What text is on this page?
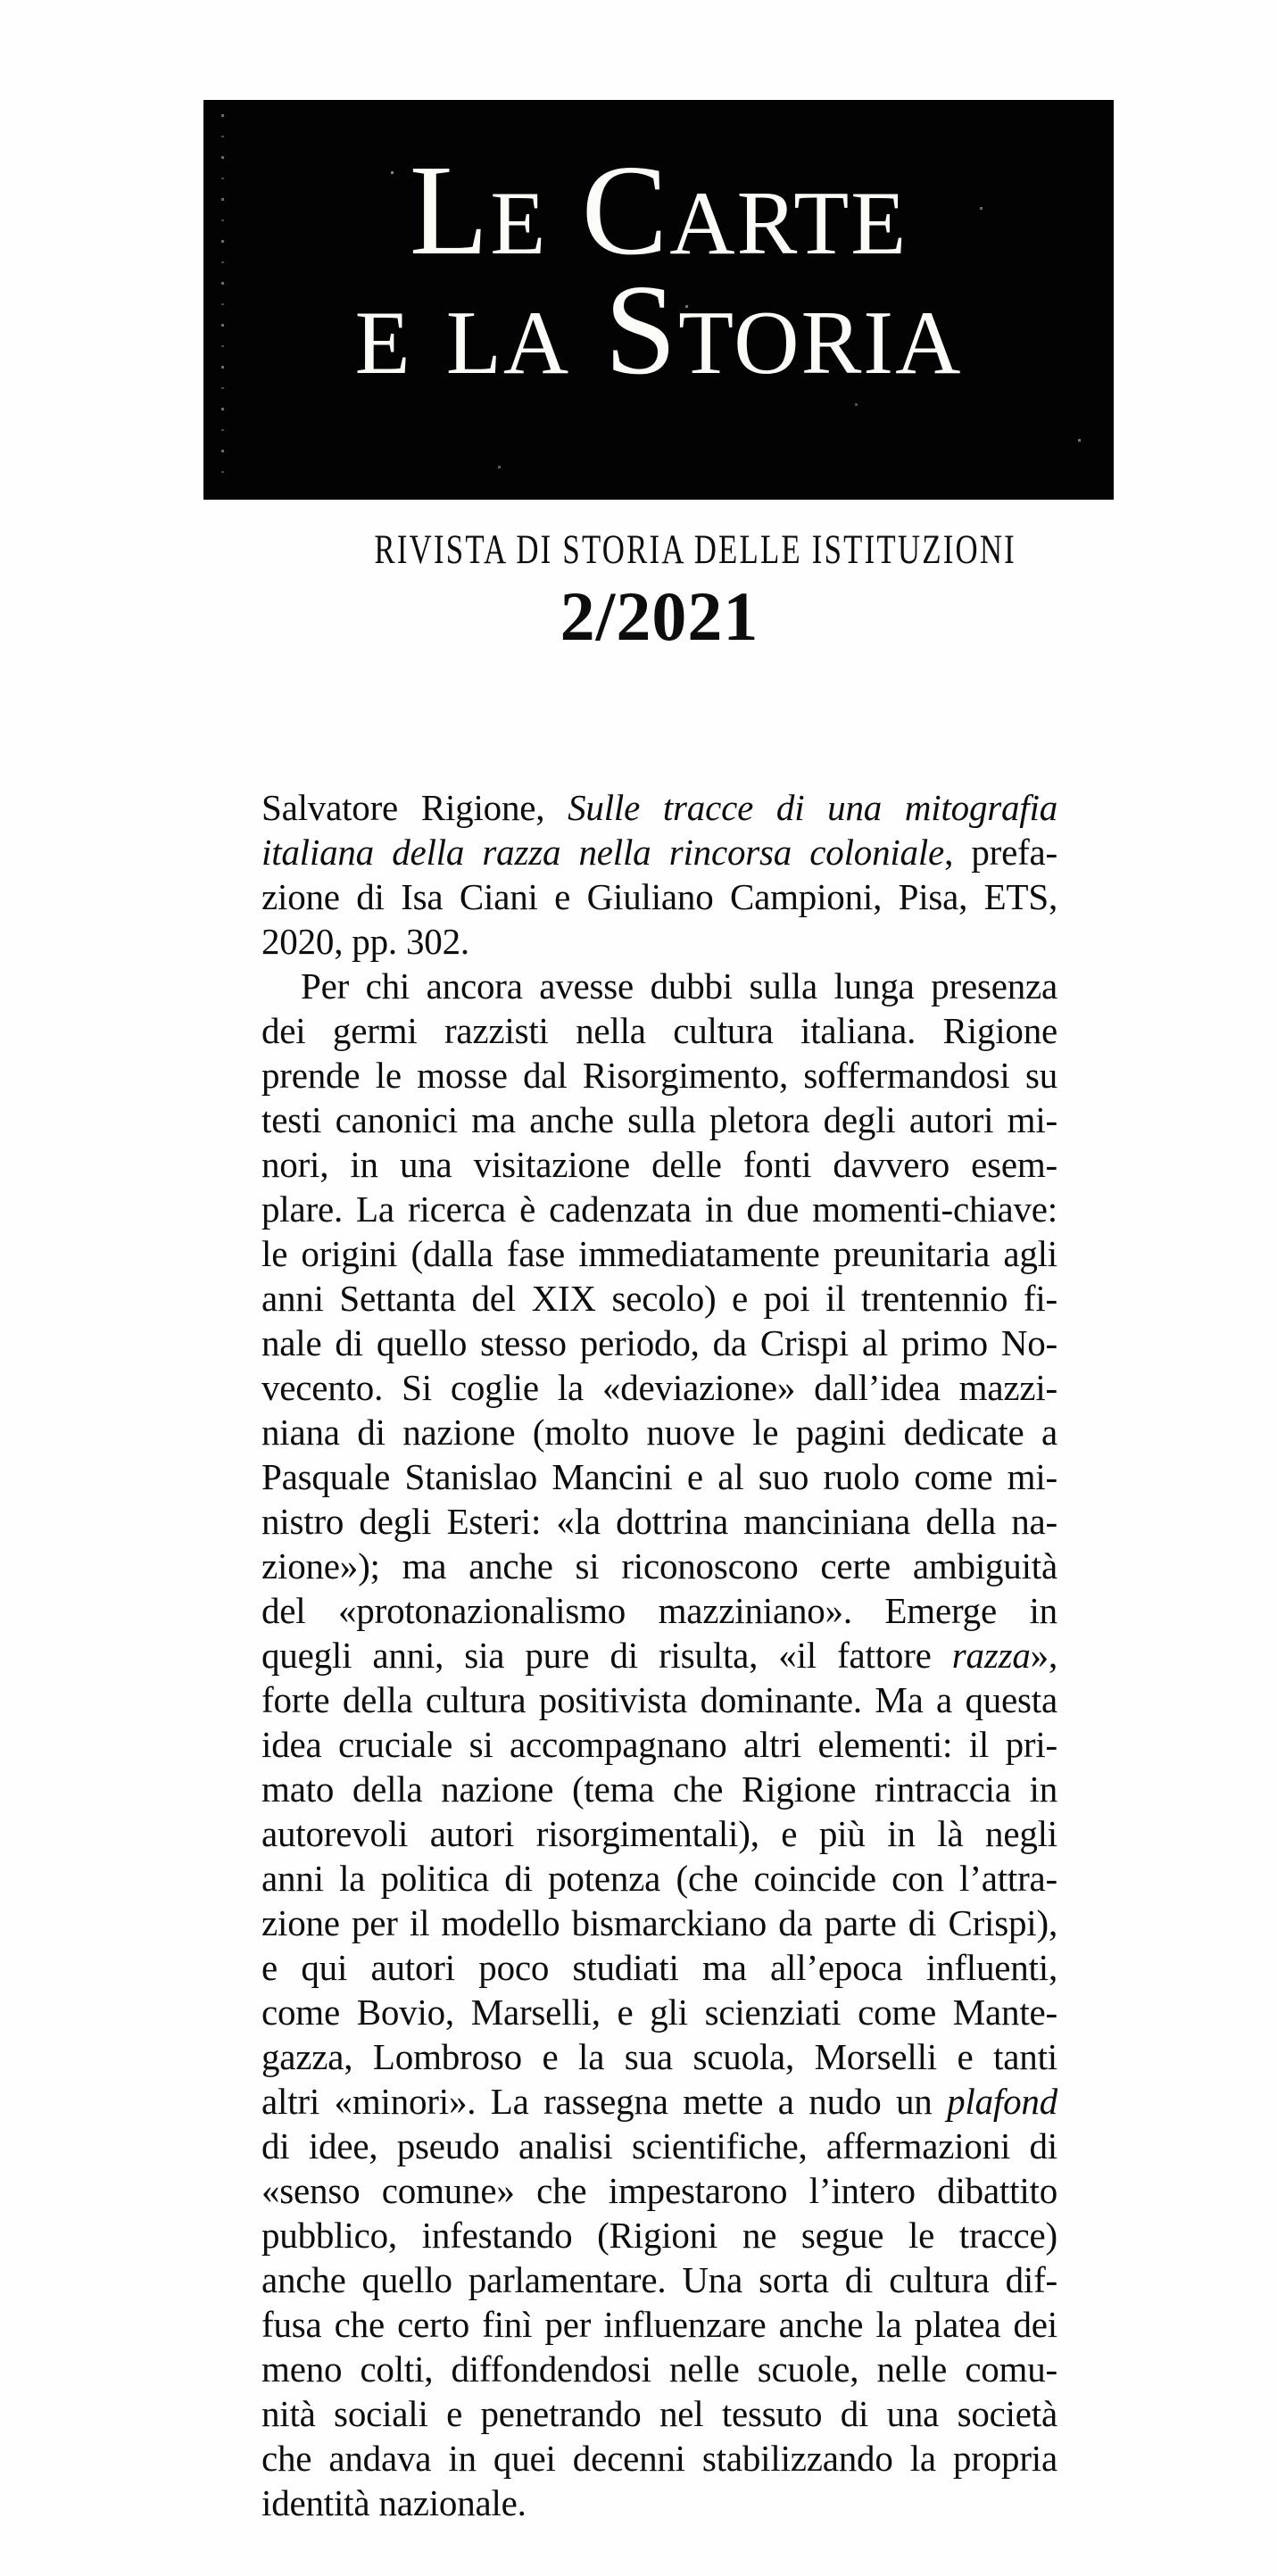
LE CARTE
E LA STORIA
RIVISTA DI STORIA DELLE ISTITUZIONI
2/2021
Salvatore Rigione, Sulle tracce di una mitografia
italiana della razza nella rincorsa coloniale, prefa-
zione di Isa Ciani e Giuliano Campioni, Pisa, ETS,
2020, pp. 302.
Per chi ancora avesse dubbi sulla lunga presenza
dei germi razzisti nella cultura italiana. Rigione
prende le mosse dal Risorgimento, soffermandosi su
testi canonici ma anche sulla pletora degli autori mi-
nori, in una visitazione delle fonti davvero esem-
plare. La ricerca è cadenzata in due momenti-chiave:
le origini (dalla fase immediatamente preunitaria agli
anni Settanta del XIX secolo) e poi il trentennio fi-
nale di quello stesso periodo, da Crispi al primo No-
vecento. Si coglie la «deviazione» dall’idea mazzi-
niana di nazione (molto nuove le pagini dedicate a
Pasquale Stanislao Mancini e al suo ruolo come mi-
nistro degli Esteri: «la dottrina manciniana della na-
zione»); ma anche si riconoscono certe ambiguità
del «protonazionalismo mazziniano». Emerge in
quegli anni, sia pure di risulta, «il fattore razza»,
forte della cultura positivista dominante. Ma a questa
idea cruciale si accompagnano altri elementi: il pri-
mato della nazione (tema che Rigione rintraccia in
autorevoli autori risorgimentali), e più in là negli
anni la politica di potenza (che coincide con l’attra-
zione per il modello bismarckiano da parte di Crispi),
e qui autori poco studiati ma all’epoca influenti,
come Bovio, Marselli, e gli scienziati come Mante-
gazza, Lombroso e la sua scuola, Morselli e tanti
altri «minori». La rassegna mette a nudo un plafond
di idee, pseudo analisi scientifiche, affermazioni di
«senso comune» che impestarono l’intero dibattito
pubblico, infestando (Rigioni ne segue le tracce)
anche quello parlamentare. Una sorta di cultura dif-
fusa che certo finì per influenzare anche la platea dei
meno colti, diffondendosi nelle scuole, nelle comu-
nità sociali e penetrando nel tessuto di una società
che andava in quei decenni stabilizzando la propria
identità nazionale.
